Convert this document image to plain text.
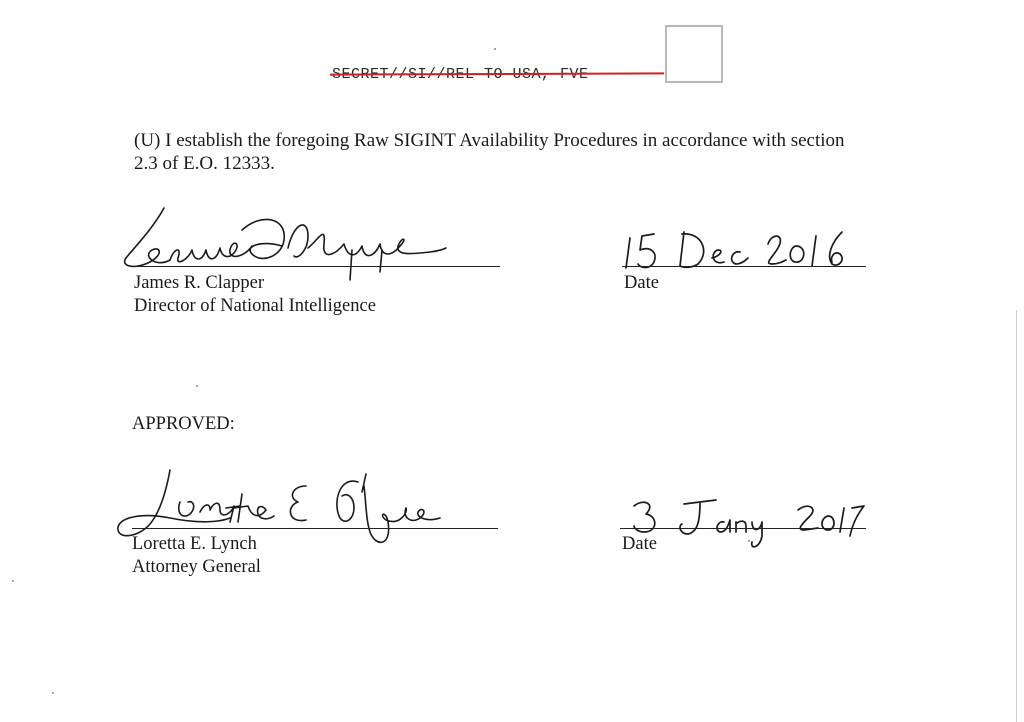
(U) I establish the foregoing Raw SIGINT Availability Procedures in accordance with section 2.3 of E.O. 12333.
James R. Clapper
Director of National Intelligence
Date
APPROVED:
Loretta E. Lynch
Attorney General
Date
